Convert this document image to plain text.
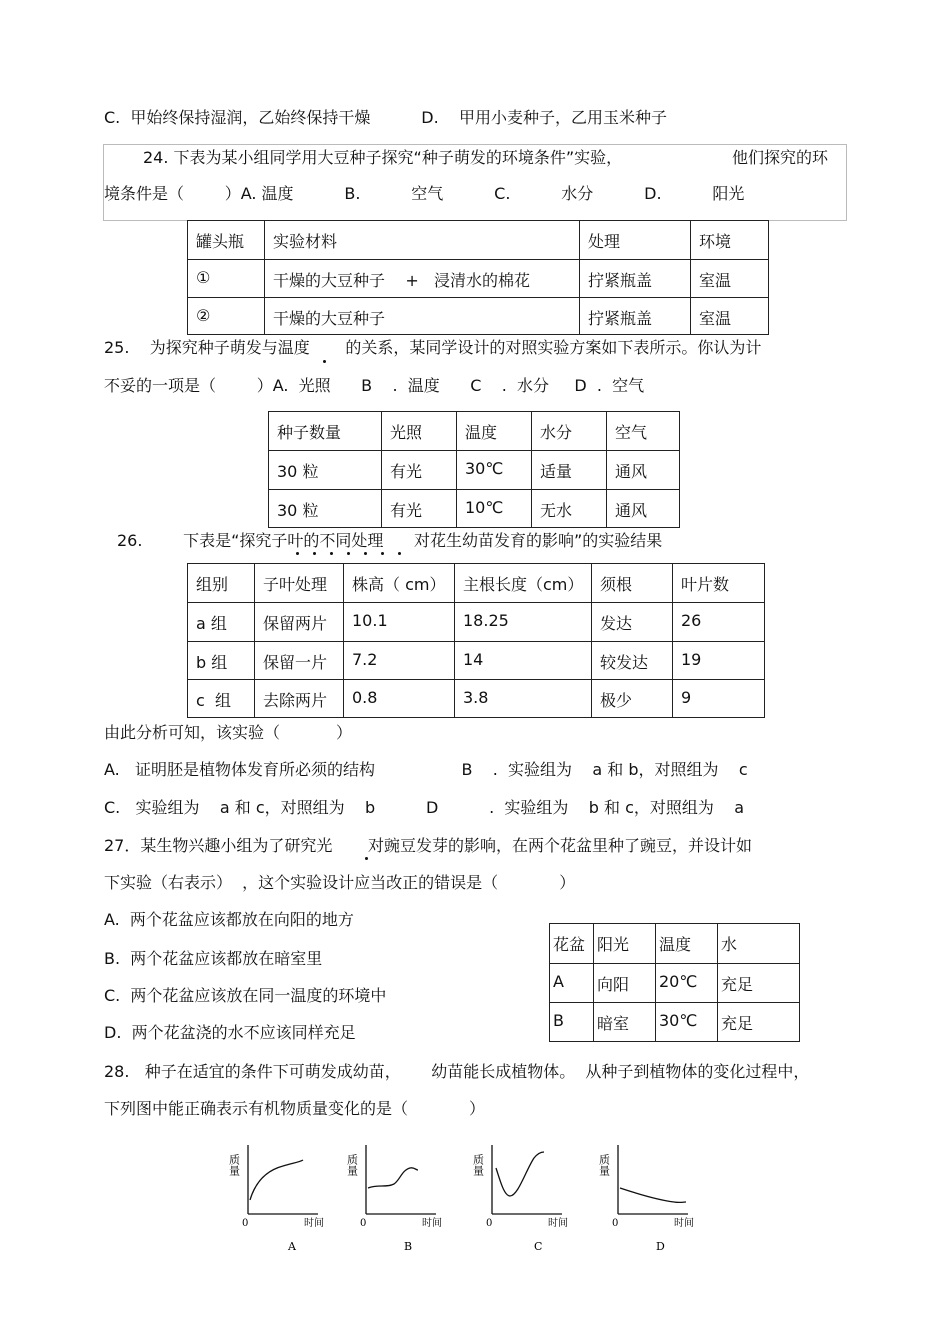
C.  甲始终保持湿润，乙始终保持干燥          D.    甲用小麦种子，乙用玉米种子
24. 下表为某小组同学用大豆种子探究“种子萌发的环境条件”实验，	他们探究的环
境条件是（        ）A. 温度          B.          空气          C.          水分          D.          阳光
罐头瓶	实验材料	处理	环境
①	干燥的大豆种子    +   浸清水的棉花	拧紧瓶盖	室温
②	干燥的大豆种子	拧紧瓶盖	室温
25.    为探究种子萌发与温度       的关系，某同学设计的对照实验方案如下表所示。你认为计
不妥的一项是（        ）A.  光照      B    .  温度      C    .  水分     D  .  空气
种子数量	光照	温度	水分	空气
30 粒	有光	30℃	适量	通风
30 粒	有光	10℃	无水	通风
26.        下表是“探究子叶的不同处理      对花生幼苗发育的影响”的实验结果
组别	子叶处理	株高（ cm）	主根长度（cm）	须根	叶片数
a 组	保留两片	10.1	18.25	发达	26
b 组	保留一片	7.2	14	较发达	19
c  组	去除两片	0.8	3.8	极少	9
由此分析可知，该实验（           ）
A.   证明胚是植物体发育所必须的结构                 B    .  实验组为    a 和 b，对照组为    c
C.   实验组为    a 和 c，对照组为    b          D          .  实验组为    b 和 c，对照组为    a
27．某生物兴趣小组为了研究光       对豌豆发芽的影响，在两个花盆里种了豌豆，并设计如
下实验（右表示）  ，这个实验设计应当改正的错误是（            ）
A.  两个花盆应该都放在向阳的地方
B.  两个花盆应该都放在暗室里
C.  两个花盆应该放在同一温度的环境中
D.  两个花盆浇的水不应该同样充足
花盆	阳光	温度	水
A	向阳	20℃	充足
B	暗室	30℃	充足
28.   种子在适宜的条件下可萌发成幼苗，      幼苗能长成植物体。  从种子到植物体的变化过程中，
下列图中能正确表示有机物质量变化的是（            ）
质量
0	时间
A
质量
0	时间
B
质量
0	时间
C
质量
0	时间
D
